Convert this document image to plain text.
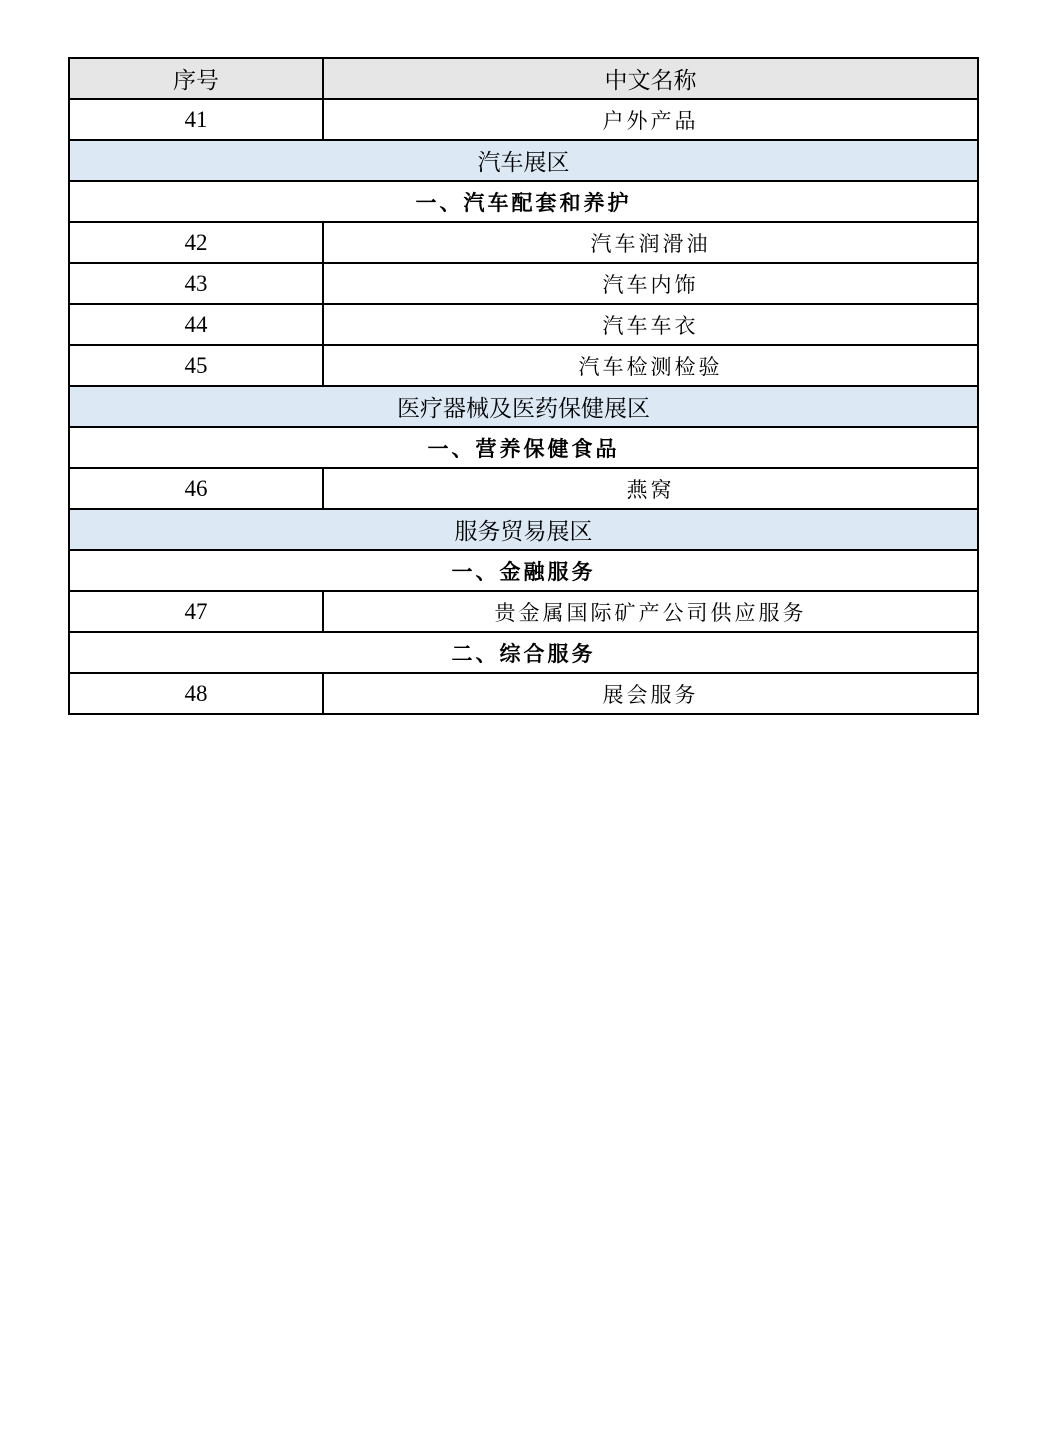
序号	中文名称
41	户外产品
汽车展区	
一、汽车配套和养护	
42	汽车润滑油
43	汽车内饰
44	汽车车衣
45	汽车检测检验
医疗器械及医药保健展区	
一、营养保健食品	
46	燕窝
服务贸易展区	
一、金融服务	
47	贵金属国际矿产公司供应服务
二、综合服务	
48	展会服务
